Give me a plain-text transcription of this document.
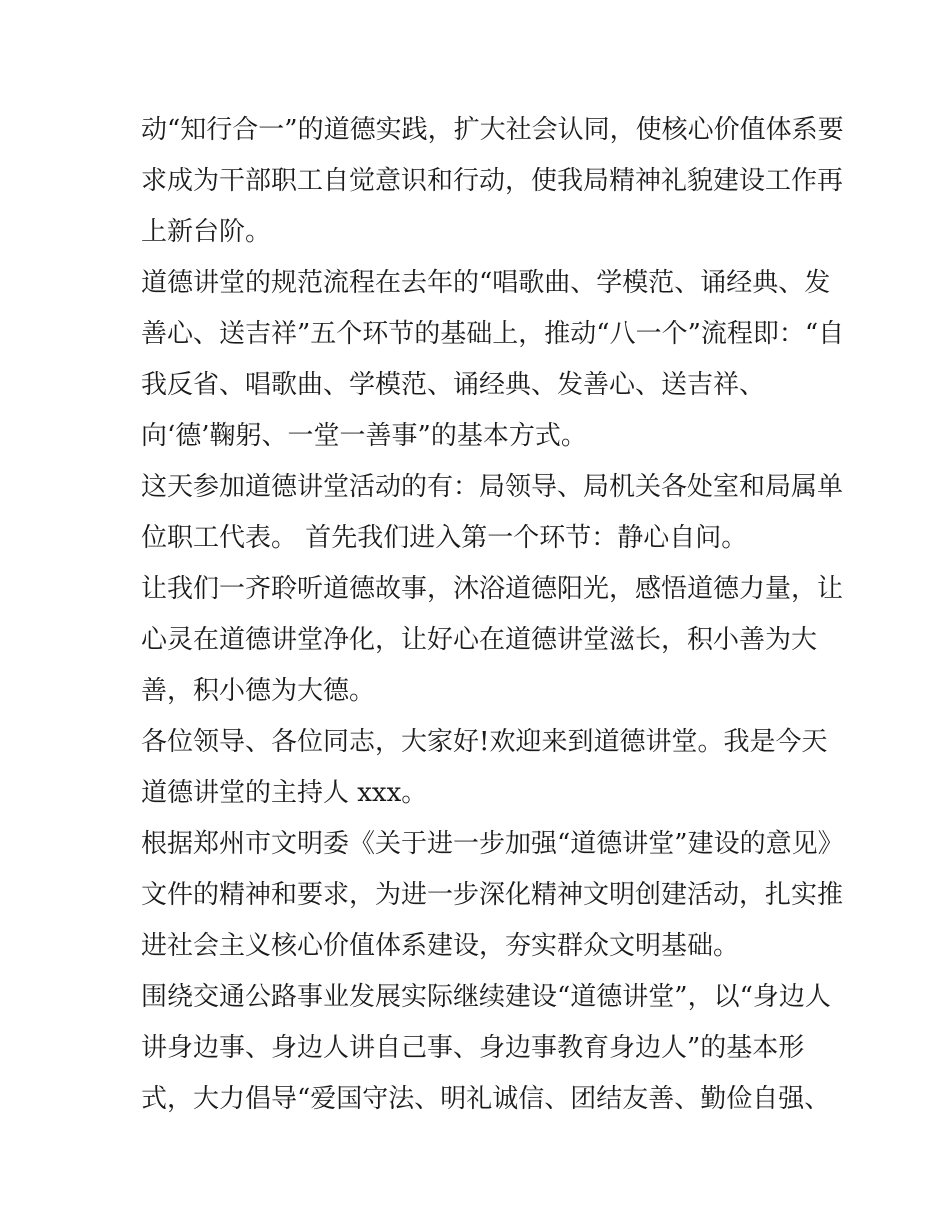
动“知行合一”的道德实践，扩大社会认同，使核心价值体系要
求成为干部职工自觉意识和行动，使我局精神礼貌建设工作再
上新台阶。
道德讲堂的规范流程在去年的“唱歌曲、学模范、诵经典、发
善心、送吉祥”五个环节的基础上，推动“八一个”流程即：“自
我反省、唱歌曲、学模范、诵经典、发善心、送吉祥、
向‘德’鞠躬、一堂一善事”的基本方式。
这天参加道德讲堂活动的有：局领导、局机关各处室和局属单
位职工代表。 首先我们进入第一个环节：静心自问。
让我们一齐聆听道德故事，沐浴道德阳光，感悟道德力量，让
心灵在道德讲堂净化，让好心在道德讲堂滋长，积小善为大
善，积小德为大德。
各位领导、各位同志，大家好!欢迎来到道德讲堂。我是今天
道德讲堂的主持人 xxx。
根据郑州市文明委《关于进一步加强“道德讲堂”建设的意见》
文件的精神和要求，为进一步深化精神文明创建活动，扎实推
进社会主义核心价值体系建设，夯实群众文明基础。
围绕交通公路事业发展实际继续建设“道德讲堂”，以“身边人
讲身边事、身边人讲自己事、身边事教育身边人”的基本形
式，大力倡导“爱国守法、明礼诚信、团结友善、勤俭自强、
